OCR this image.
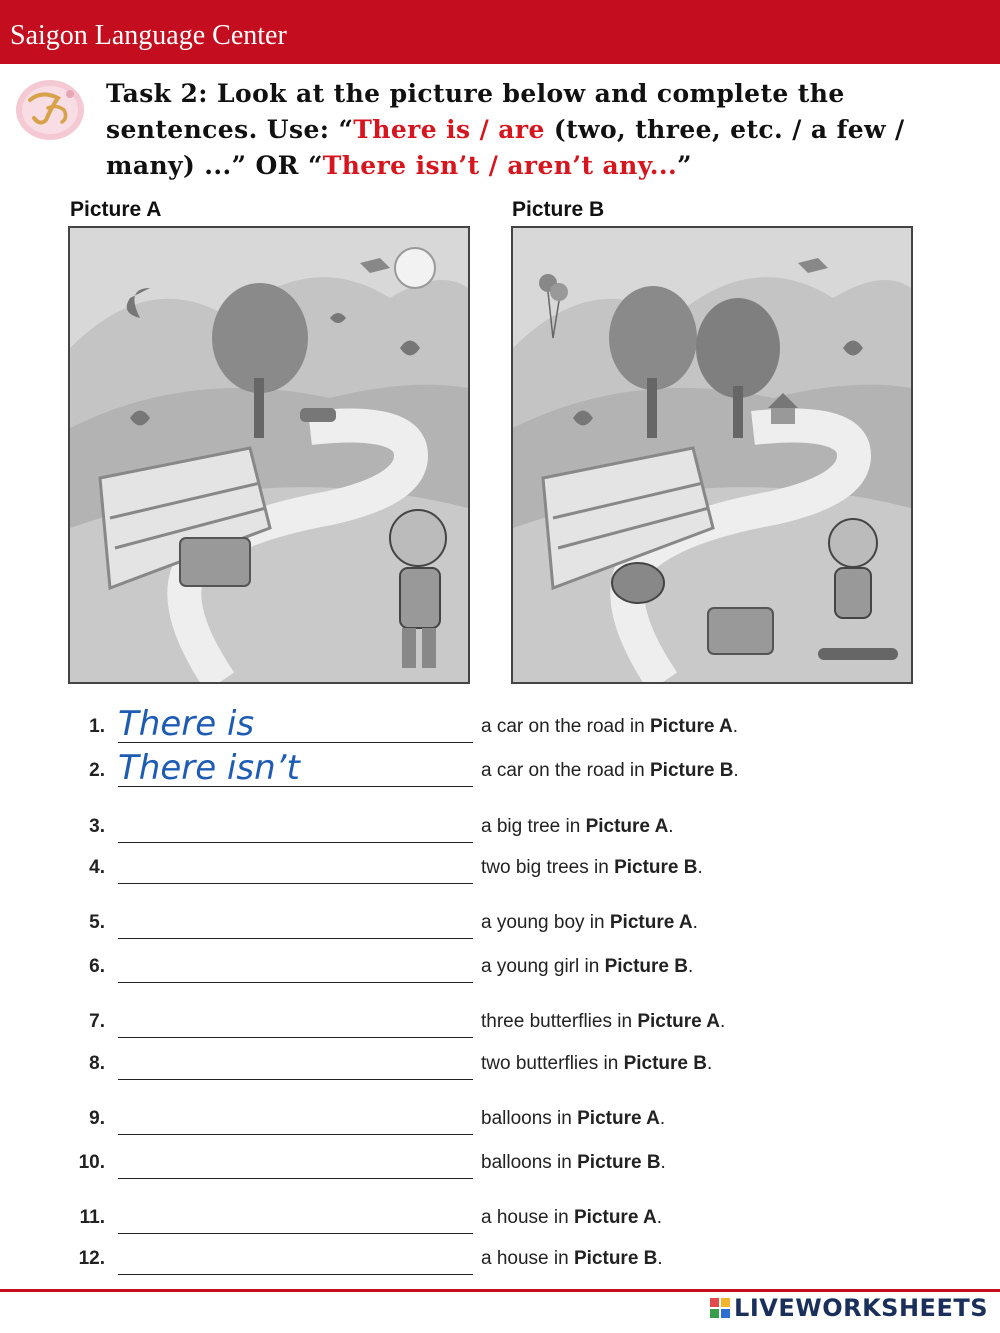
Saigon Language Center
Task 2: Look at the picture below and complete the sentences. Use: “There is / are (two, three, etc. / a few / many) ...” OR “There isn’t / aren’t any...”
Picture A	Picture B
1.
There is	a car on the road in Picture A.
2.
There isn’t	a car on the road in Picture B.
3.	a big tree in Picture A.
4.	two big trees in Picture B.
5.	a young boy in Picture A.
6.	a young girl in Picture B.
7.	three butterflies in Picture A.
8.	two butterflies in Picture B.
9.	balloons in Picture A.
10.	balloons in Picture B.
11.	a house in Picture A.
12.	a house in Picture B.
LIVEWORKSHEETS
